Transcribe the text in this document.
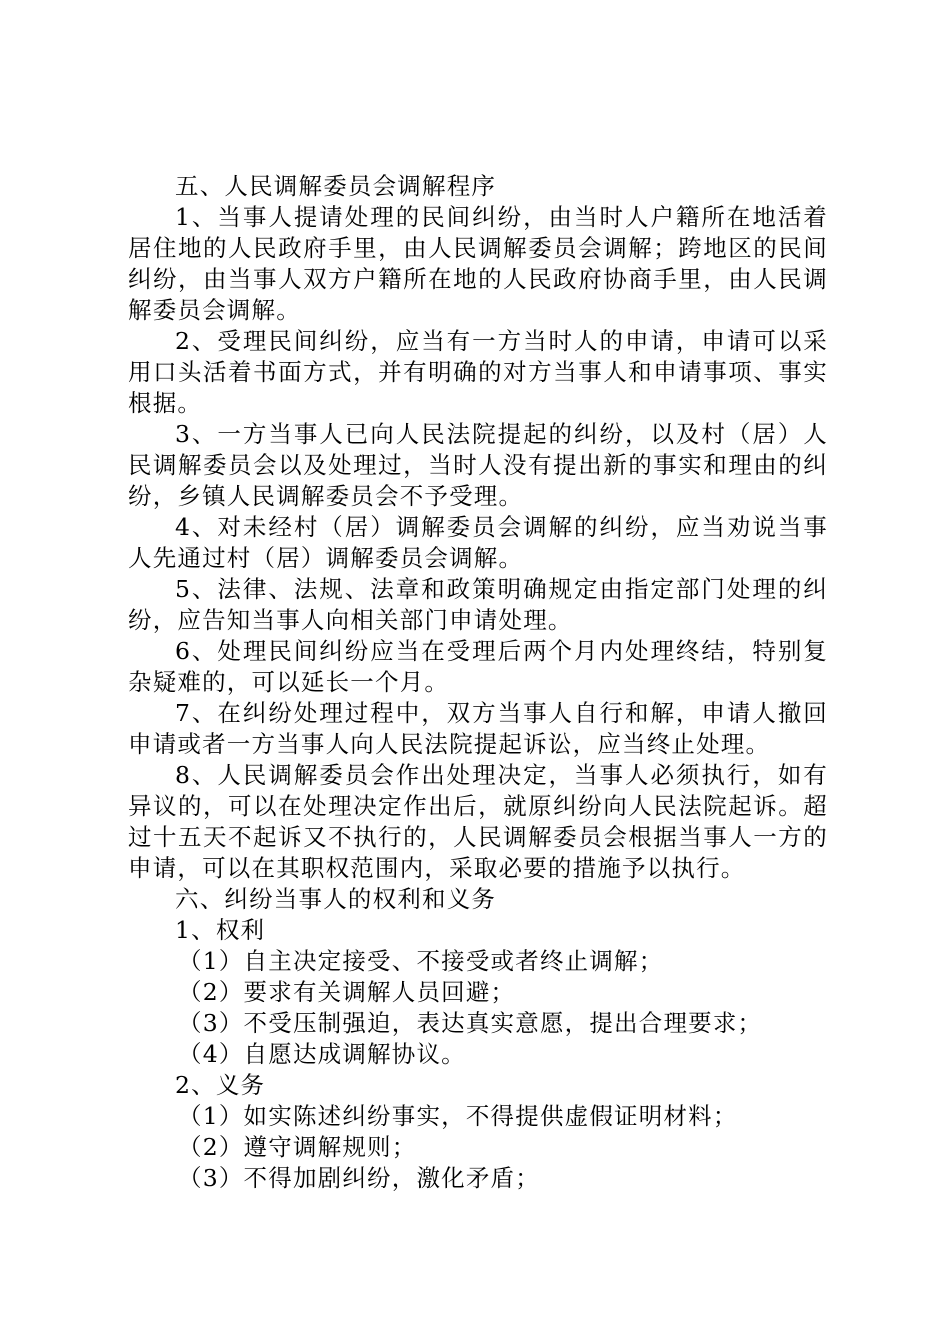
五、人民调解委员会调解程序

1、当事人提请处理的民间纠纷，由当时人户籍所在地活着居住地的人民政府手里，由人民调解委员会调解；跨地区的民间纠纷，由当事人双方户籍所在地的人民政府协商手里，由人民调解委员会调解。

2、受理民间纠纷，应当有一方当时人的申请，申请可以采用口头活着书面方式，并有明确的对方当事人和申请事项、事实根据。

3、一方当事人已向人民法院提起的纠纷，以及村（居）人民调解委员会以及处理过，当时人没有提出新的事实和理由的纠纷，乡镇人民调解委员会不予受理。

4、对未经村（居）调解委员会调解的纠纷，应当劝说当事人先通过村（居）调解委员会调解。

5、法律、法规、法章和政策明确规定由指定部门处理的纠纷，应告知当事人向相关部门申请处理。

6、处理民间纠纷应当在受理后两个月内处理终结，特别复杂疑难的，可以延长一个月。

7、在纠纷处理过程中，双方当事人自行和解，申请人撤回申请或者一方当事人向人民法院提起诉讼，应当终止处理。

8、人民调解委员会作出处理决定，当事人必须执行，如有异议的，可以在处理决定作出后，就原纠纷向人民法院起诉。超过十五天不起诉又不执行的，人民调解委员会根据当事人一方的申请，可以在其职权范围内，采取必要的措施予以执行。

六、纠纷当事人的权利和义务

1、权利

（1）自主决定接受、不接受或者终止调解；

（2）要求有关调解人员回避；

（3）不受压制强迫，表达真实意愿，提出合理要求；

（4）自愿达成调解协议。

2、义务

（1）如实陈述纠纷事实，不得提供虚假证明材料；

（2）遵守调解规则；

（3）不得加剧纠纷，激化矛盾；
